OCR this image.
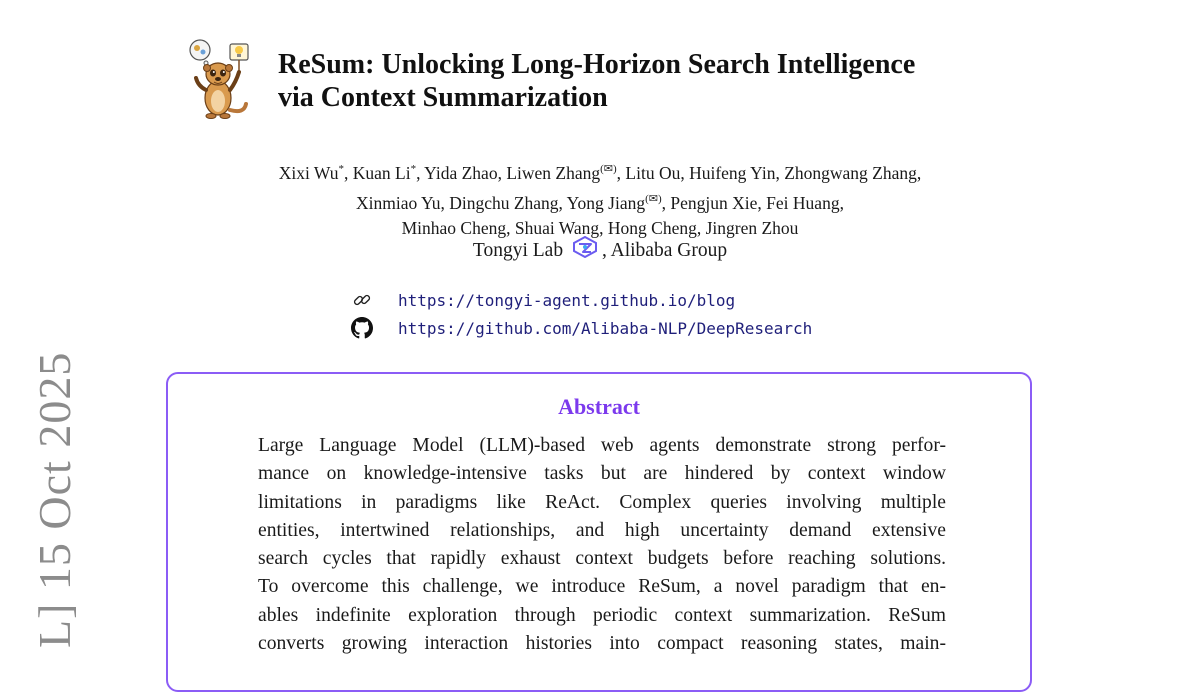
L] 15 Oct 2025
ReSum: Unlocking Long-Horizon Search Intelligence
via Context Summarization
Xixi Wu*, Kuan Li*, Yida Zhao, Liwen Zhang(✉), Litu Ou, Huifeng Yin, Zhongwang Zhang,
Xinmiao Yu, Dingchu Zhang, Yong Jiang(✉), Pengjun Xie, Fei Huang,
Minhao Cheng, Shuai Wang, Hong Cheng, Jingren Zhou
Tongyi Lab , Alibaba Group
https://tongyi-agent.github.io/blog
https://github.com/Alibaba-NLP/DeepResearch
Abstract
Large Language Model (LLM)-based web agents demonstrate strong perfor-
mance on knowledge-intensive tasks but are hindered by context window
limitations in paradigms like ReAct. Complex queries involving multiple
entities, intertwined relationships, and high uncertainty demand extensive
search cycles that rapidly exhaust context budgets before reaching solutions.
To overcome this challenge, we introduce ReSum, a novel paradigm that en-
ables indefinite exploration through periodic context summarization. ReSum
converts growing interaction histories into compact reasoning states, main-
